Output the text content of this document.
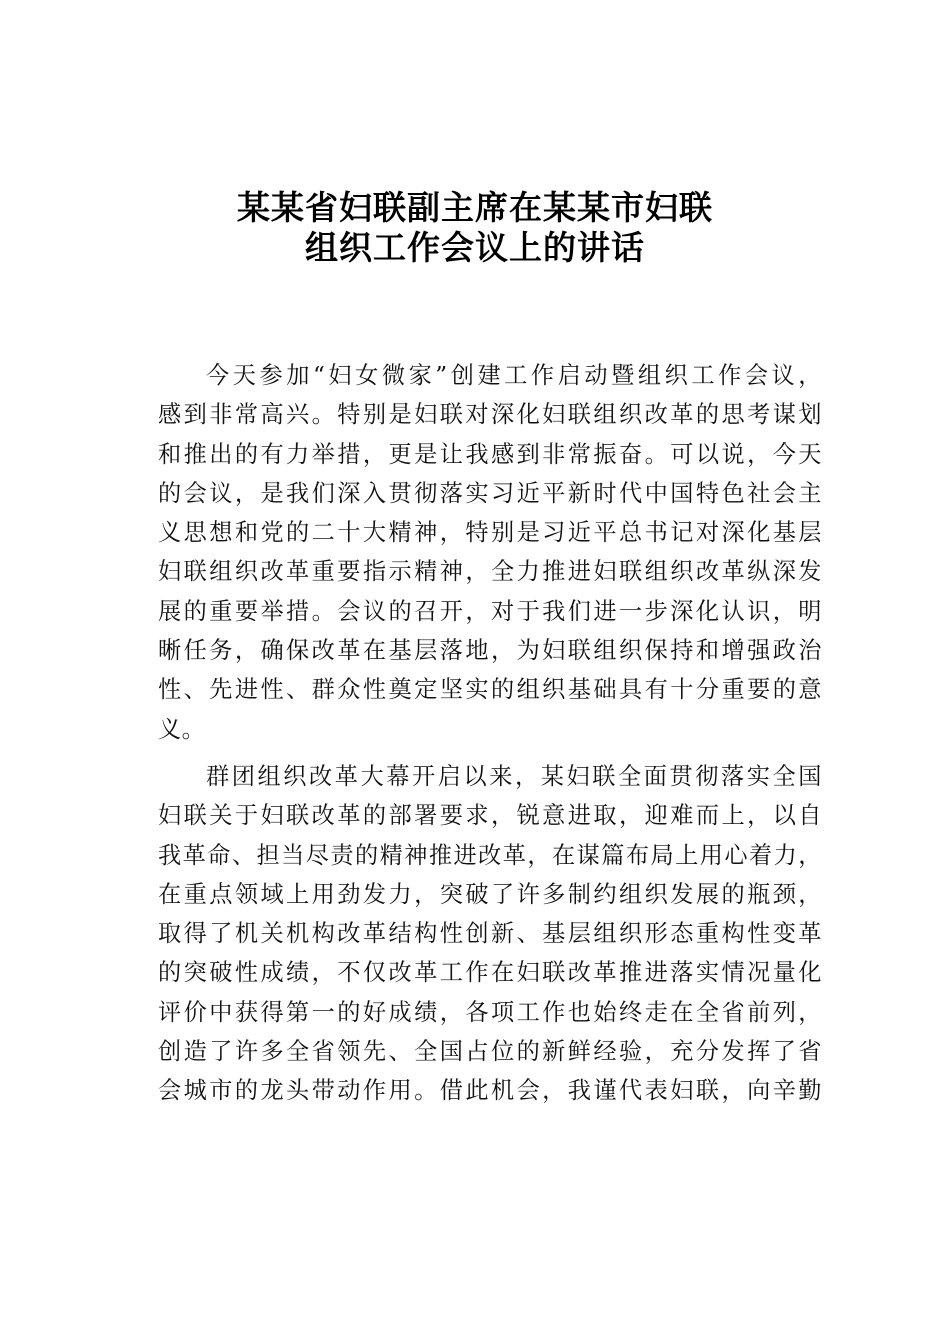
某某省妇联副主席在某某市妇联
组织工作会议上的讲话
今天参加“妇女微家”创建工作启动暨组织工作会议，
感到非常高兴。特别是妇联对深化妇联组织改革的思考谋划
和推出的有力举措，更是让我感到非常振奋。可以说，今天
的会议，是我们深入贯彻落实习近平新时代中国特色社会主
义思想和党的二十大精神，特别是习近平总书记对深化基层
妇联组织改革重要指示精神，全力推进妇联组织改革纵深发
展的重要举措。会议的召开，对于我们进一步深化认识，明
晰任务，确保改革在基层落地，为妇联组织保持和增强政治
性、先进性、群众性奠定坚实的组织基础具有十分重要的意
义。
群团组织改革大幕开启以来，某妇联全面贯彻落实全国
妇联关于妇联改革的部署要求，锐意进取，迎难而上，以自
我革命、担当尽责的精神推进改革，在谋篇布局上用心着力，
在重点领域上用劲发力，突破了许多制约组织发展的瓶颈，
取得了机关机构改革结构性创新、基层组织形态重构性变革
的突破性成绩，不仅改革工作在妇联改革推进落实情况量化
评价中获得第一的好成绩，各项工作也始终走在全省前列，
创造了许多全省领先、全国占位的新鲜经验，充分发挥了省
会城市的龙头带动作用。借此机会，我谨代表妇联，向辛勤
